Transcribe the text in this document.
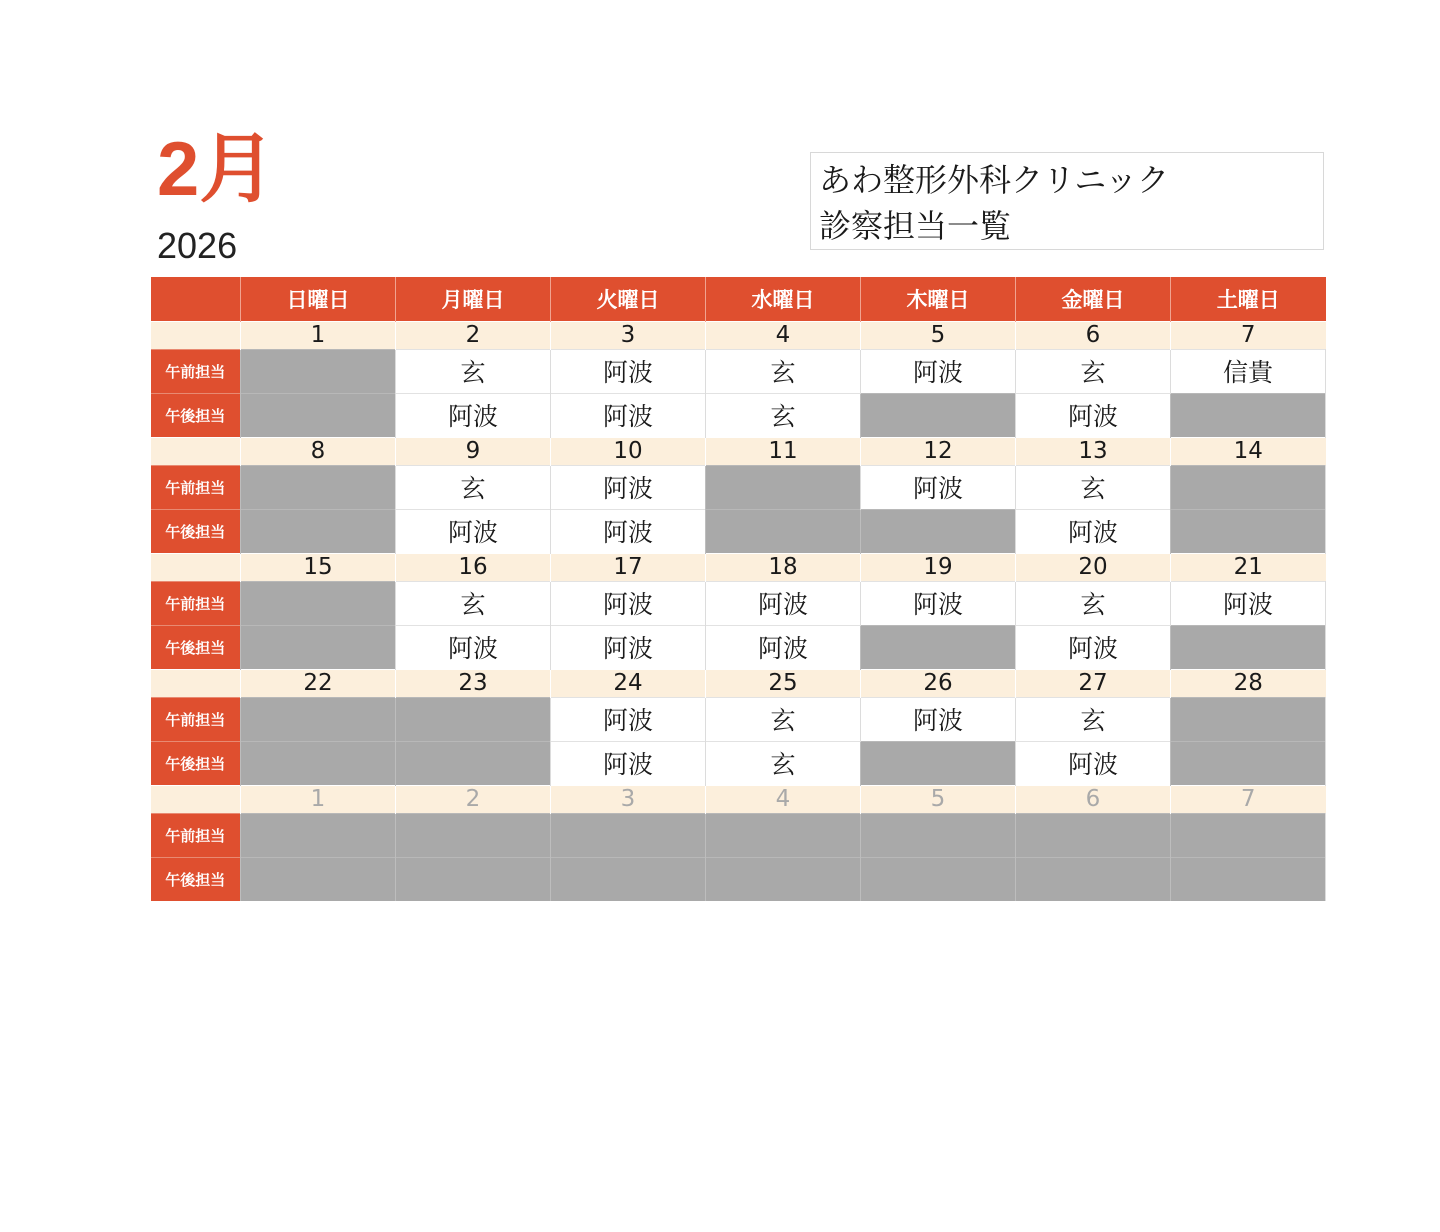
2月
2026
あわ整形外科クリニック
診察担当一覧
	日曜日	月曜日	火曜日	水曜日	木曜日	金曜日	土曜日
	1	2	3	4	5	6	7
午前担当		玄	阿波	玄	阿波	玄	信貴
午後担当		阿波	阿波	玄		阿波	
	8	9	10	11	12	13	14
午前担当		玄	阿波		阿波	玄	
午後担当		阿波	阿波			阿波	
	15	16	17	18	19	20	21
午前担当		玄	阿波	阿波	阿波	玄	阿波
午後担当		阿波	阿波	阿波		阿波	
	22	23	24	25	26	27	28
午前担当			阿波	玄	阿波	玄	
午後担当			阿波	玄		阿波	
	1	2	3	4	5	6	7
午前担当							
午後担当							
